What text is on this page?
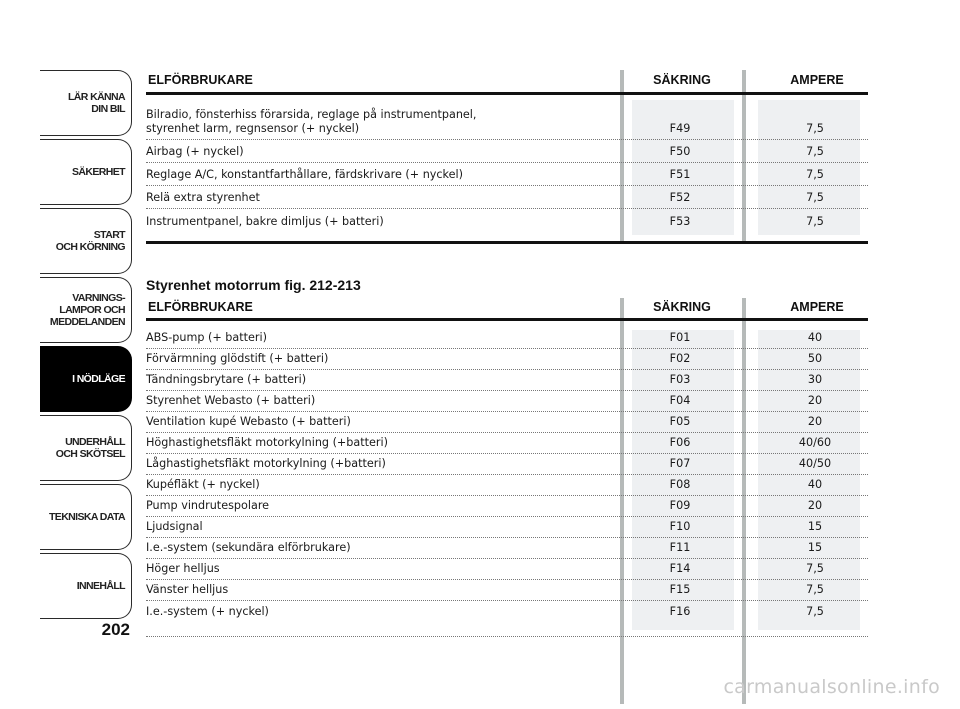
LÄR KÄNNA
DIN BIL
SÄKERHET
START
OCH KÖRNING
VARNINGS-
LAMPOR OCH
MEDDELANDEN
I NÖDLÄGE
UNDERHÅLL
OCH SKÖTSEL
TEKNISKA DATA
INNEHÅLL
202
ELFÖRBRUKARE	SÄKRING	AMPERE
Bilradio, fönsterhiss förarsida, reglage på instrumentpanel,
styrenhet larm, regnsensor (+ nyckel)	F49	7,5
Airbag (+ nyckel)	F50	7,5
Reglage A/C, konstantfarthållare, färdskrivare (+ nyckel)	F51	7,5
Relä extra styrenhet	F52	7,5
Instrumentpanel, bakre dimljus (+ batteri)	F53	7,5
Styrenhet motorrum fig. 212-213
ELFÖRBRUKARE	SÄKRING	AMPERE
ABS-pump (+ batteri)	F01	40
Förvärmning glödstift (+ batteri)	F02	50
Tändningsbrytare (+ batteri)	F03	30
Styrenhet Webasto (+ batteri)	F04	20
Ventilation kupé Webasto (+ batteri)	F05	20
Höghastighetsfläkt motorkylning (+batteri)	F06	40/60
Låghastighetsfläkt motorkylning (+batteri)	F07	40/50
Kupéfläkt (+ nyckel)	F08	40
Pump vindrutespolare	F09	20
Ljudsignal	F10	15
I.e.-system (sekundära elförbrukare)	F11	15
Höger helljus	F14	7,5
Vänster helljus	F15	7,5
I.e.-system (+ nyckel)	F16	7,5
carmanualsonline.info
